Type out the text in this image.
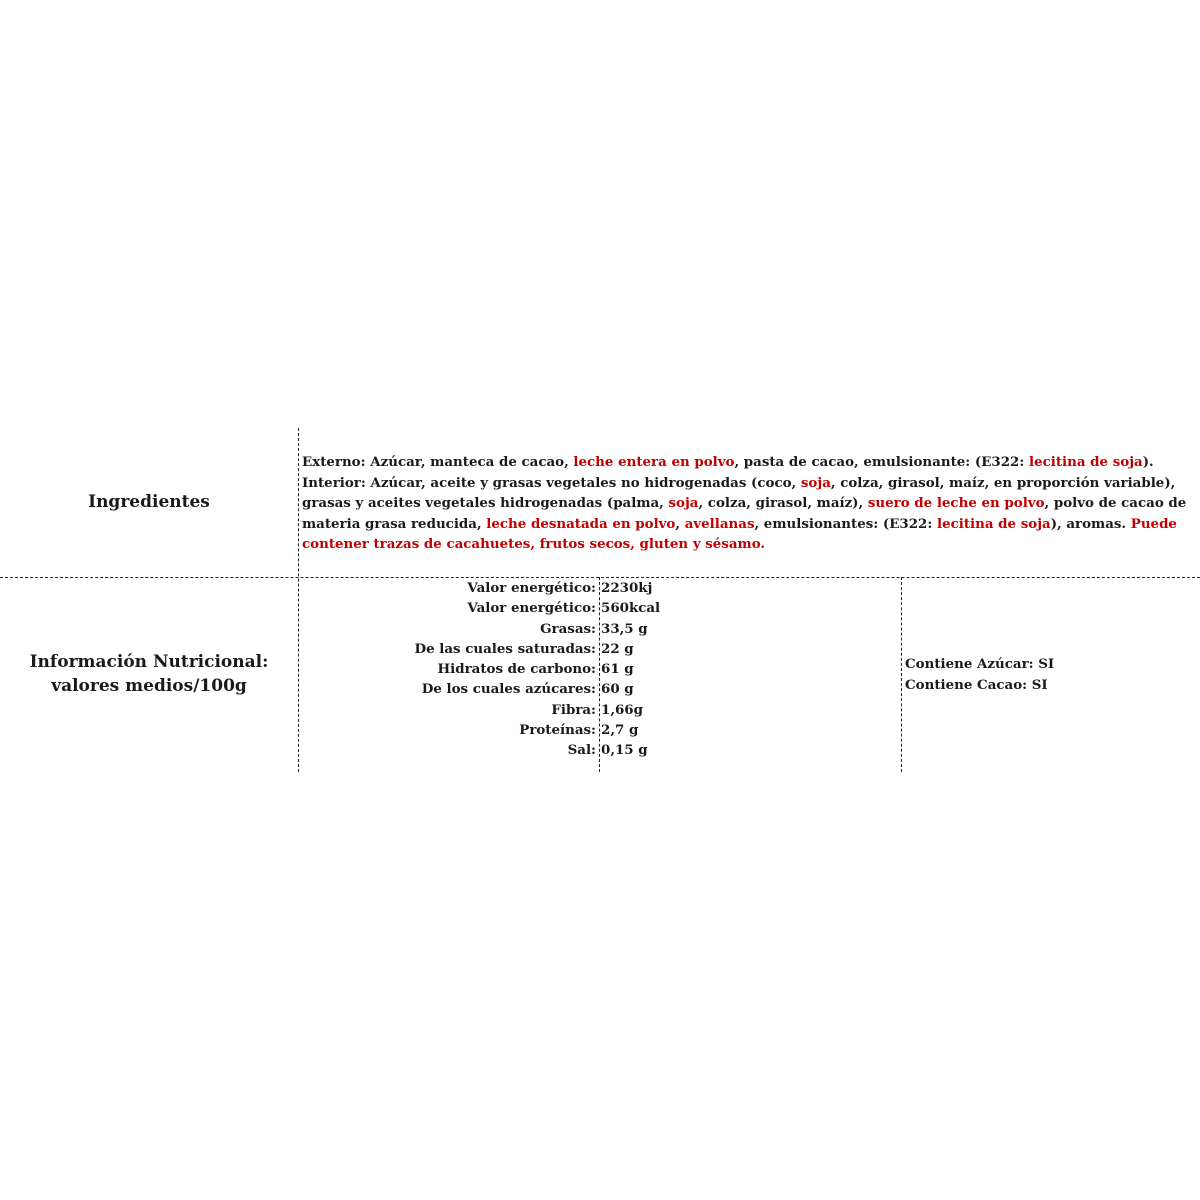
Ingredientes

Externo: Azúcar, manteca de cacao, leche entera en polvo, pasta de cacao, emulsionante: (E322: lecitina de soja).

Interior: Azúcar, aceite y grasas vegetales no hidrogenadas (coco, soja, colza, girasol, maíz, en proporción variable), grasas y aceites vegetales hidrogenadas (palma, soja, colza, girasol, maíz), suero de leche en polvo, polvo de cacao de materia grasa reducida, leche desnatada en polvo, avellanas, emulsionantes: (E322: lecitina de soja), aromas. Puede contener trazas de cacahuetes, frutos secos, gluten y sésamo.

Información Nutricional:
valores medios/100g
Valor energético: 2230kj
Valor energético: 560kcal
Grasas: 33,5 g
De las cuales saturadas: 22 g
Hidratos de carbono: 61 g
De los cuales azúcares: 60 g
Fibra: 1,66g
Proteínas: 2,7 g
Sal: 0,15 g
Contiene Azúcar: SI
Contiene Cacao: SI
